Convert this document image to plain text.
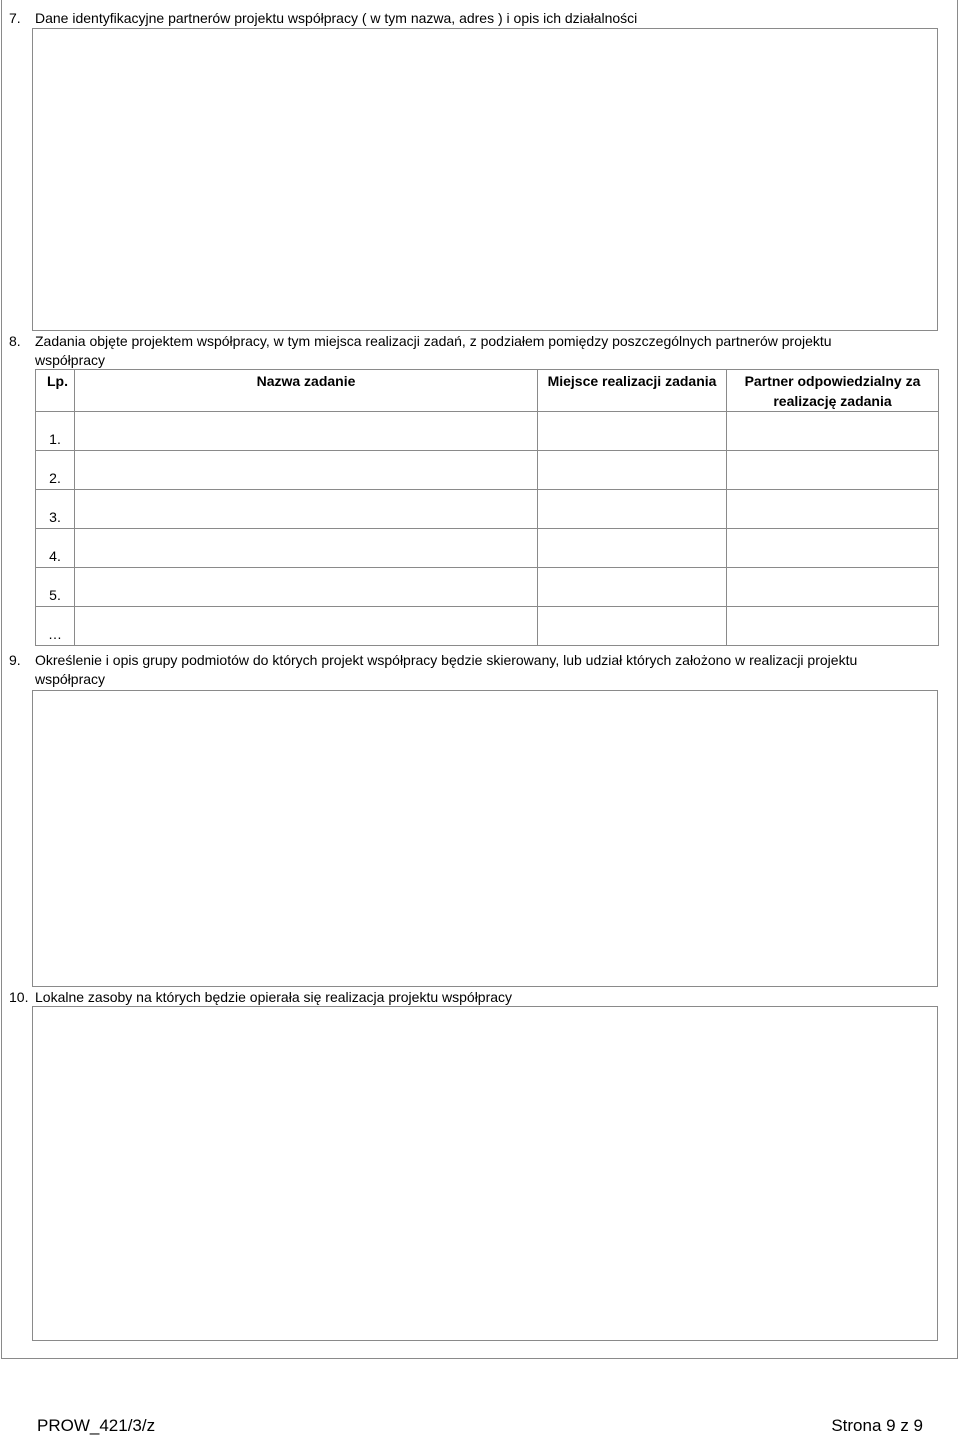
7. Dane identyfikacyjne partnerów projektu współpracy ( w tym nazwa, adres ) i opis ich działalności
8. Zadania objęte projektem współpracy, w tym miejsca realizacji zadań, z podziałem pomiędzy poszczególnych partnerów projektu
współpracy
Lp.	Nazwa zadanie	Miejsce realizacji zadania	Partner odpowiedzialny za realizację zadania
1.			
2.			
3.			
4.			
5.			
…			
9. Określenie i opis grupy podmiotów do których projekt współpracy będzie skierowany, lub udział których założono w realizacji projektu
współpracy
10. Lokalne zasoby na których będzie opierała się realizacja projektu współpracy
PROW_421/3/z	Strona 9 z 9
